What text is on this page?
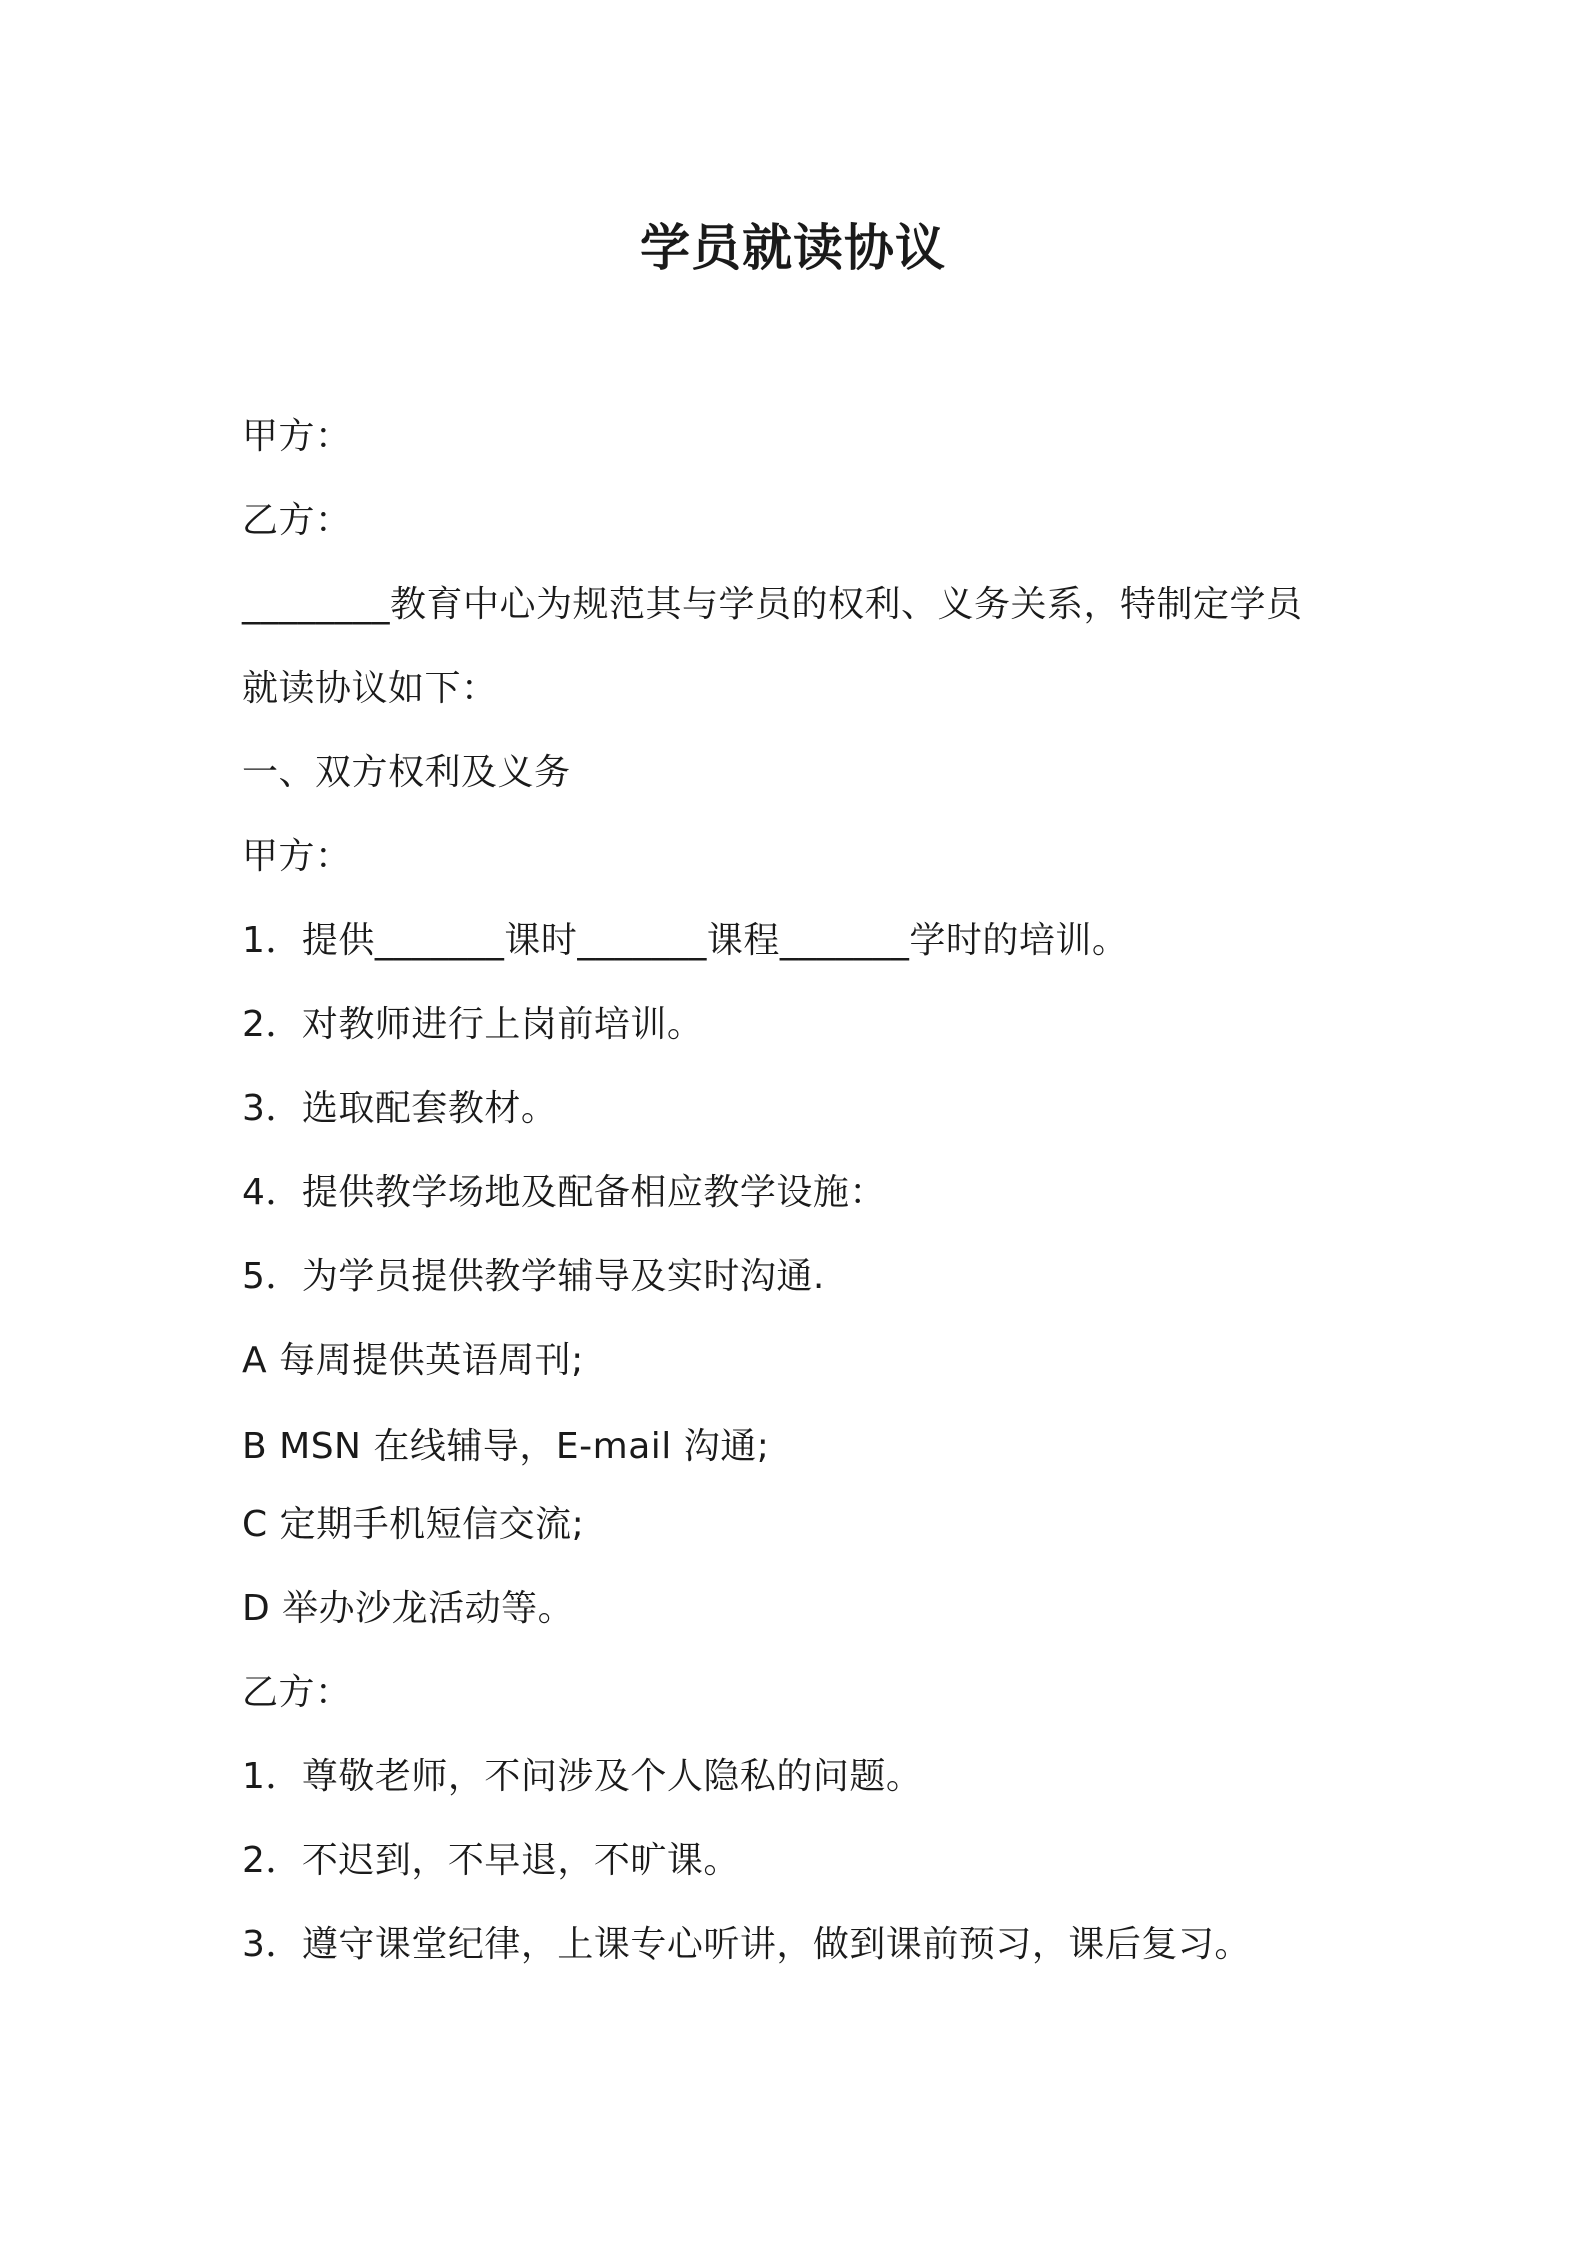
学员就读协议
甲方：
乙方：
________教育中心为规范其与学员的权利、义务关系，特制定学员
就读协议如下：
一、双方权利及义务
甲方：
1．提供_______课时_______课程_______学时的培训。
2．对教师进行上岗前培训。
3．选取配套教材。
4．提供教学场地及配备相应教学设施：
5．为学员提供教学辅导及实时沟通.
A 每周提供英语周刊;
B MSN 在线辅导，E-mail 沟通;
C 定期手机短信交流;
D 举办沙龙活动等。
乙方：
1．尊敬老师，不问涉及个人隐私的问题。
2．不迟到，不早退，不旷课。
3．遵守课堂纪律，上课专心听讲，做到课前预习，课后复习。
